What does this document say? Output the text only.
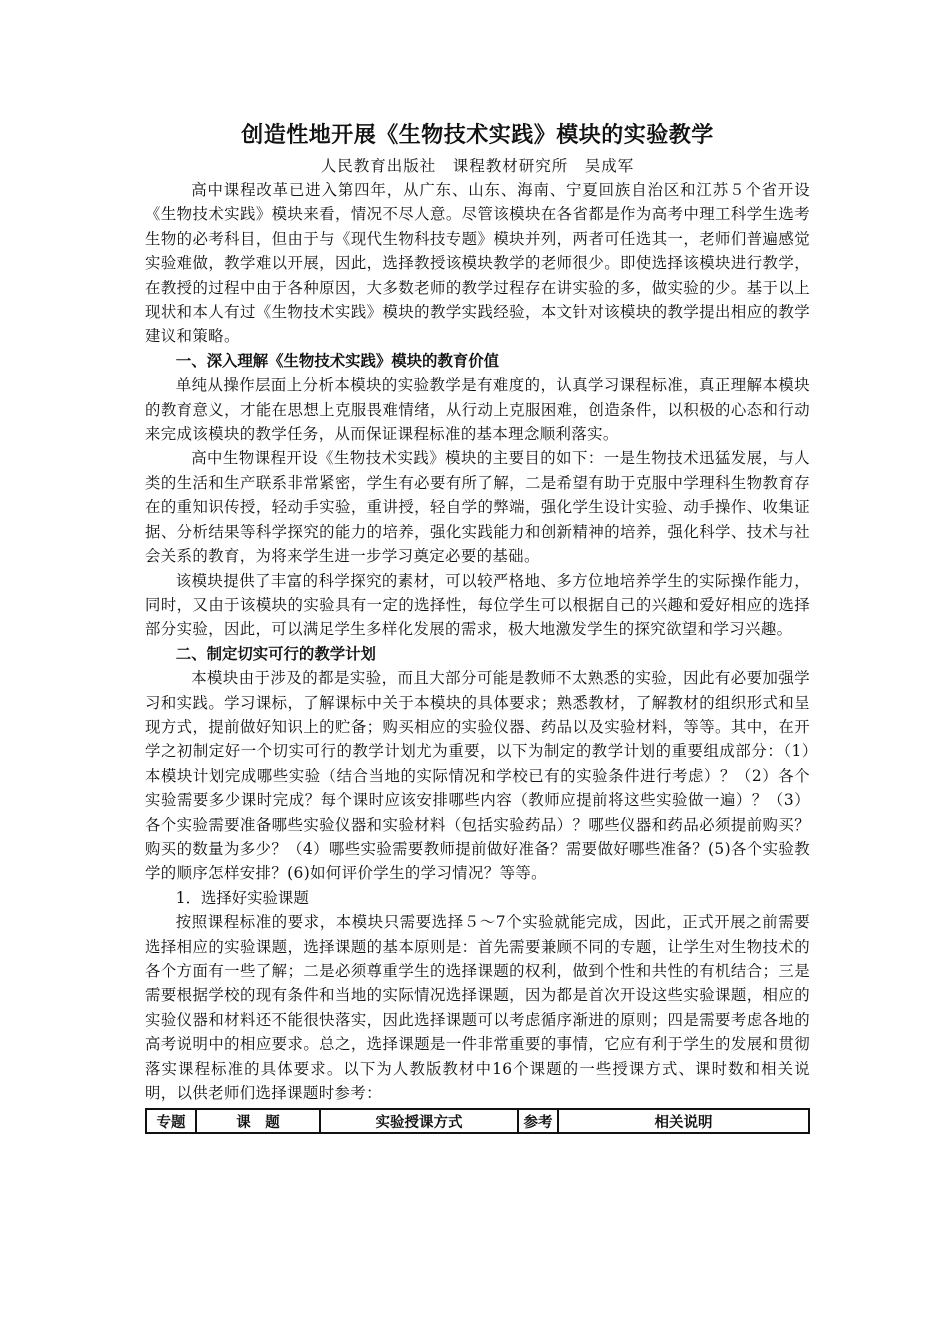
创造性地开展《生物技术实践》模块的实验教学
人民教育出版社　课程教材研究所　吴成军

高中课程改革已进入第四年，从广东、山东、海南、宁夏回族自治区和江苏５个省开设《生物技术实践》模块来看，情况不尽人意。尽管该模块在各省都是作为高考中理工科学生选考生物的必考科目，但由于与《现代生物科技专题》模块并列，两者可任选其一，老师们普遍感觉实验难做，教学难以开展，因此，选择教授该模块教学的老师很少。即使选择该模块进行教学，在教授的过程中由于各种原因，大多数老师的教学过程存在讲实验的多，做实验的少。基于以上现状和本人有过《生物技术实践》模块的教学实践经验，本文针对该模块的教学提出相应的教学建议和策略。

一、深入理解《生物技术实践》模块的教育价值

单纯从操作层面上分析本模块的实验教学是有难度的，认真学习课程标准，真正理解本模块的教育意义，才能在思想上克服畏难情绪，从行动上克服困难，创造条件，以积极的心态和行动来完成该模块的教学任务，从而保证课程标准的基本理念顺利落实。

高中生物课程开设《生物技术实践》模块的主要目的如下：一是生物技术迅猛发展，与人类的生活和生产联系非常紧密，学生有必要有所了解，二是希望有助于克服中学理科生物教育存在的重知识传授，轻动手实验，重讲授，轻自学的弊端，强化学生设计实验、动手操作、收集证据、分析结果等科学探究的能力的培养，强化实践能力和创新精神的培养，强化科学、技术与社会关系的教育，为将来学生进一步学习奠定必要的基础。

该模块提供了丰富的科学探究的素材，可以较严格地、多方位地培养学生的实际操作能力，同时，又由于该模块的实验具有一定的选择性，每位学生可以根据自己的兴趣和爱好相应的选择部分实验，因此，可以满足学生多样化发展的需求，极大地激发学生的探究欲望和学习兴趣。

二、制定切实可行的教学计划

本模块由于涉及的都是实验，而且大部分可能是教师不太熟悉的实验，因此有必要加强学习和实践。学习课标，了解课标中关于本模块的具体要求；熟悉教材，了解教材的组织形式和呈现方式，提前做好知识上的贮备；购买相应的实验仪器、药品以及实验材料，等等。其中，在开学之初制定好一个切实可行的教学计划尤为重要，以下为制定的教学计划的重要组成部分：（1）本模块计划完成哪些实验（结合当地的实际情况和学校已有的实验条件进行考虑）？（2）各个实验需要多少课时完成？每个课时应该安排哪些内容（教师应提前将这些实验做一遍）？（3）各个实验需要准备哪些实验仪器和实验材料（包括实验药品）？哪些仪器和药品必须提前购买？购买的数量为多少？（4）哪些实验需要教师提前做好准备？需要做好哪些准备？(5)各个实验教学的顺序怎样安排？(6)如何评价学生的学习情况？等等。

1．选择好实验课题

按照课程标准的要求，本模块只需要选择５～7个实验就能完成，因此，正式开展之前需要选择相应的实验课题，选择课题的基本原则是：首先需要兼顾不同的专题，让学生对生物技术的各个方面有一些了解；二是必须尊重学生的选择课题的权利，做到个性和共性的有机结合；三是需要根据学校的现有条件和当地的实际情况选择课题，因为都是首次开设这些实验课题，相应的实验仪器和材料还不能很快落实，因此选择课题可以考虑循序渐进的原则；四是需要考虑各地的高考说明中的相应要求。总之，选择课题是一件非常重要的事情，它应有利于学生的发展和贯彻落实课程标准的具体要求。以下为人教版教材中16个课题的一些授课方式、课时数和相关说明，以供老师们选择课题时参考：

专题	课　题	实验授课方式	参考	相关说明
